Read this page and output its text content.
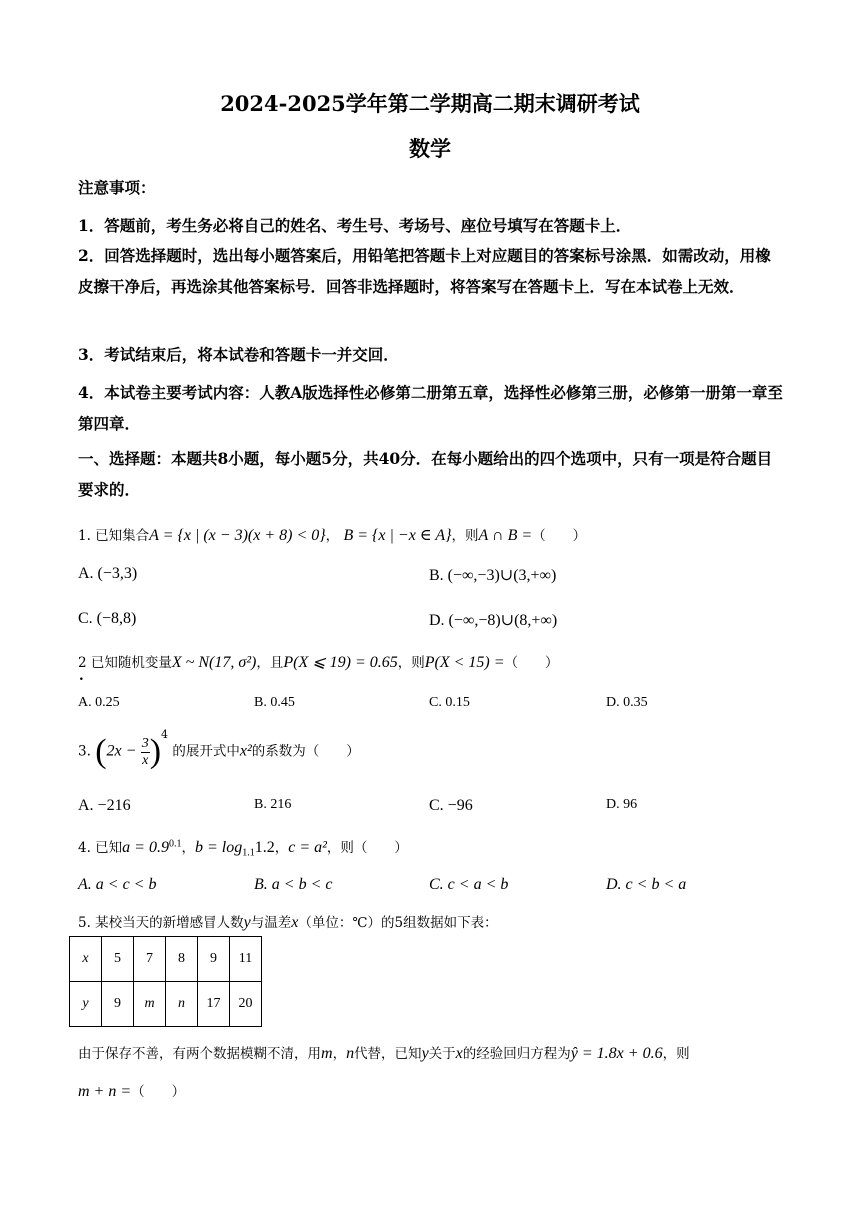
2024-2025学年第二学期高二期末调研考试
数学
注意事项：
1．答题前，考生务必将自己的姓名、考生号、考场号、座位号填写在答题卡上．
2．回答选择题时，选出每小题答案后，用铅笔把答题卡上对应题目的答案标号涂黑．如需改动，用橡皮擦干净后，再选涂其他答案标号．回答非选择题时，将答案写在答题卡上．写在本试卷上无效．
3．考试结束后，将本试卷和答题卡一并交回．
4．本试卷主要考试内容：人教A版选择性必修第二册第五章，选择性必修第三册，必修第一册第一章至第四章．
一、选择题：本题共8小题，每小题5分，共40分．在每小题给出的四个选项中，只有一项是符合题目要求的．
1. 已知集合A = {x | (x − 3)(x + 8) < 0}， B = {x | −x ∈ A}，则A ∩ B =（　　）
A. (−3,3)	B. (−∞,−3)∪(3,+∞)
C. (−8,8)	D. (−∞,−8)∪(8,+∞)
2 已知随机变量X ~ N(17, σ²)，且P(X ⩽ 19) = 0.65，则P(X < 15) =（　　）
.
A. 0.25	B. 0.45	C. 0.15	D. 0.35
3. $(2x - \frac{3}{x} )^4$ 的展开式中x²的系数为（　　）
A. −216	B. 216	C. −96	D. 96
4. 已知$a = 0.9^{0.1}$，$b = \log_{1.1}1.2$，c = a²，则（　　）
A. a < c < b	B. a < b < c	C. c < a < b	D. c < b < a
5. 某校当天的新增感冒人数y与温差x（单位：℃）的5组数据如下表：
x	5	7	8	9	11
y	9	m	n	17	20
由于保存不善，有两个数据模糊不清，用m，n代替，已知y关于x的经验回归方程为ŷ = 1.8x + 0.6，则
m + n =（　　）
